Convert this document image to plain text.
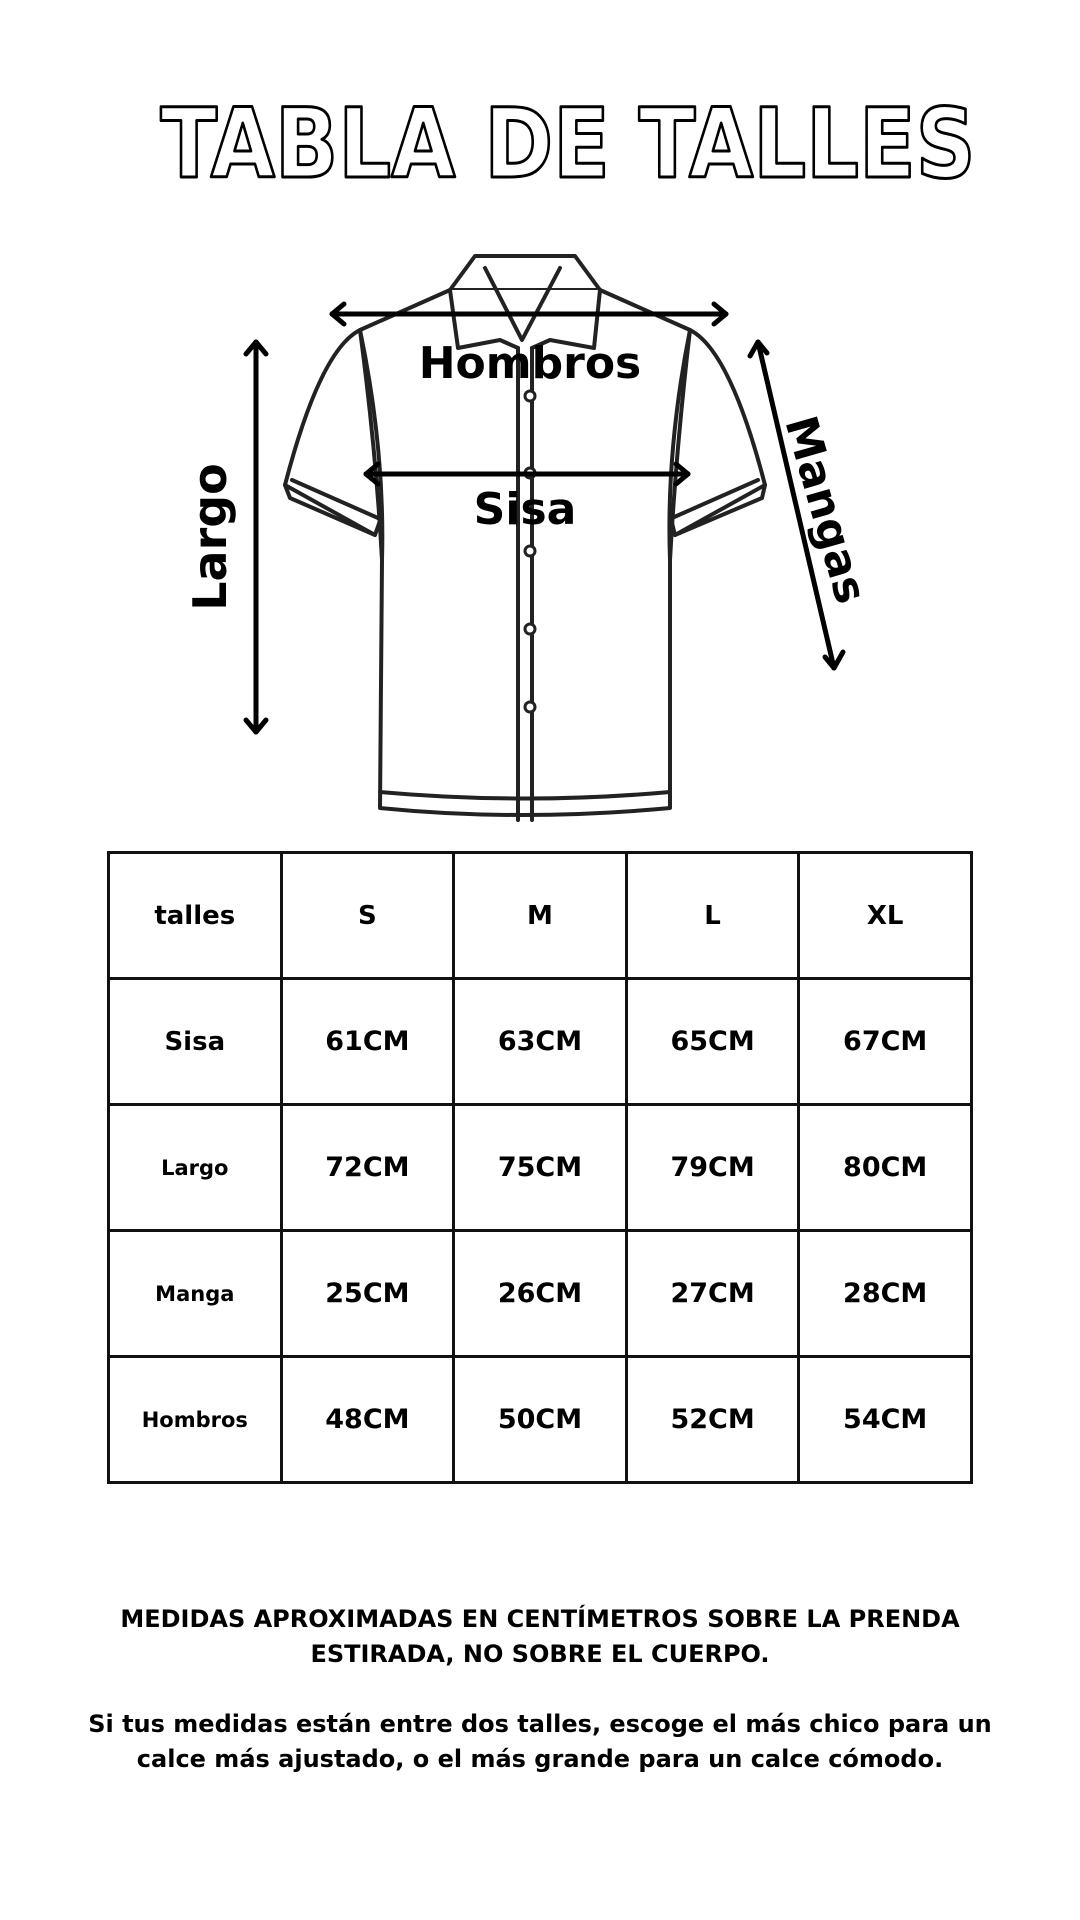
TABLA DE TALLES
Hombros
Sisa
Largo	Mangas
talles	S	M	L	XL
Sisa	61CM	63CM	65CM	67CM
Largo	72CM	75CM	79CM	80CM
Manga	25CM	26CM	27CM	28CM
Hombros	48CM	50CM	52CM	54CM

MEDIDAS APROXIMADAS EN CENTÍMETROS SOBRE LA PRENDA ESTIRADA, NO SOBRE EL CUERPO.

Si tus medidas están entre dos talles, escoge el más chico para un calce más ajustado, o el más grande para un calce cómodo.
